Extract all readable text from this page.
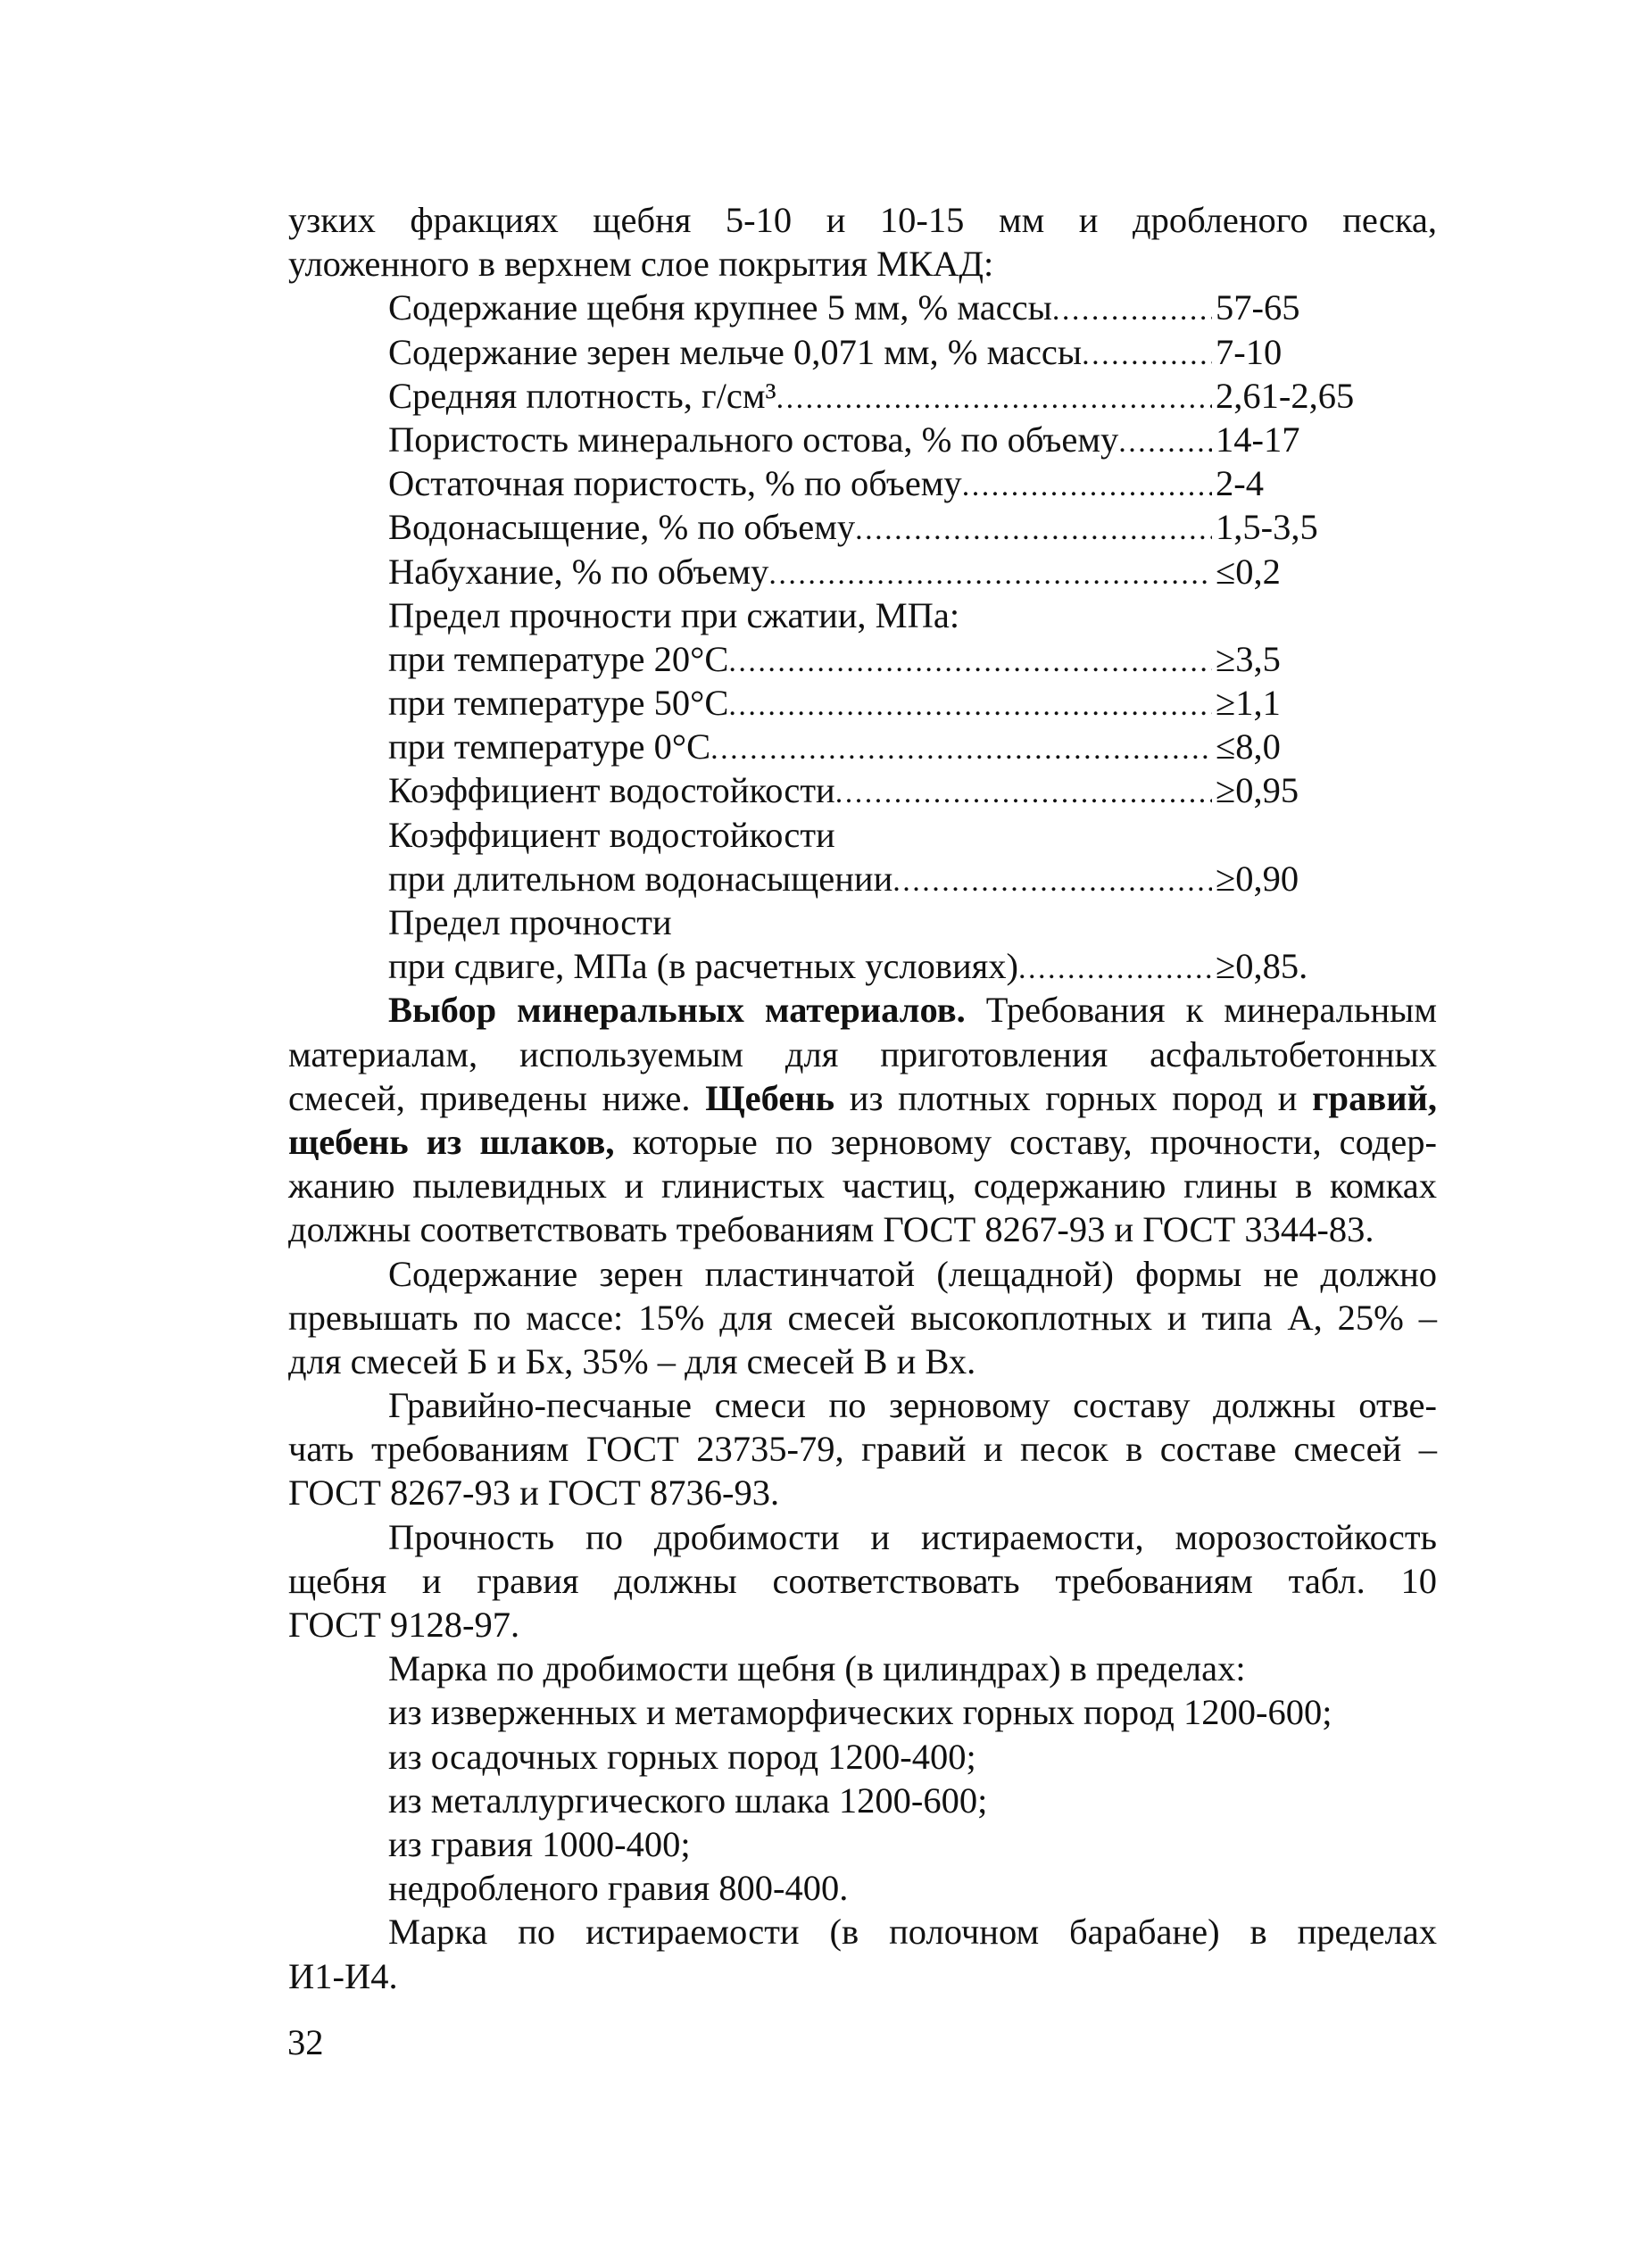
узких фракциях щебня 5-10 и 10-15 мм и дробленого песка,
уложенного в верхнем слое покрытия МКАД:
Содержание щебня крупнее 5 мм, % массы . . .	57-65
Содержание зерен мельче 0,071 мм, % массы . . .	7-10
Средняя плотность, г/см³ . . .	2,61-2,65
Пористость минерального остова, % по объему . . .	14-17
Остаточная пористость, % по объему . . .	2-4
Водонасыщение, % по объему . . .	1,5-3,5
Набухание, % по объему . . .	≤0,2
Предел прочности при сжатии, МПа:
при температуре 20°С . . .	≥3,5
при температуре 50°С . . .	≥1,1
при температуре 0°С . . .	≤8,0
Коэффициент водостойкости . . .	≥0,95
Коэффициент водостойкости
при длительном водонасыщении . . .	≥0,90
Предел прочности
при сдвиге, МПа (в расчетных условиях) . . .	≥0,85.
Выбор минеральных материалов. Требования к минеральным
материалам, используемым для приготовления асфальтобетонных
смесей, приведены ниже. Щебень из плотных горных пород и гравий,
щебень из шлаков, которые по зерновому составу, прочности, содер-
жанию пылевидных и глинистых частиц, содержанию глины в комках
должны соответствовать требованиям ГОСТ 8267-93 и ГОСТ 3344-83.
Содержание зерен пластинчатой (лещадной) формы не должно
превышать по массе: 15% для смесей высокоплотных и типа А, 25% –
для смесей Б и Бх, 35% – для смесей В и Вх.
Гравийно-песчаные смеси по зерновому составу должны отве-
чать требованиям ГОСТ 23735-79, гравий и песок в составе смесей –
ГОСТ 8267-93 и ГОСТ 8736-93.
Прочность по дробимости и истираемости, морозостойкость
щебня и гравия должны соответствовать требованиям табл. 10
ГОСТ 9128-97.
Марка по дробимости щебня (в цилиндрах) в пределах:
из изверженных и метаморфических горных пород 1200-600;
из осадочных горных пород 1200-400;
из металлургического шлака 1200-600;
из гравия 1000-400;
недробленого гравия 800-400.
Марка по истираемости (в полочном барабане) в пределах
И1-И4.
32
